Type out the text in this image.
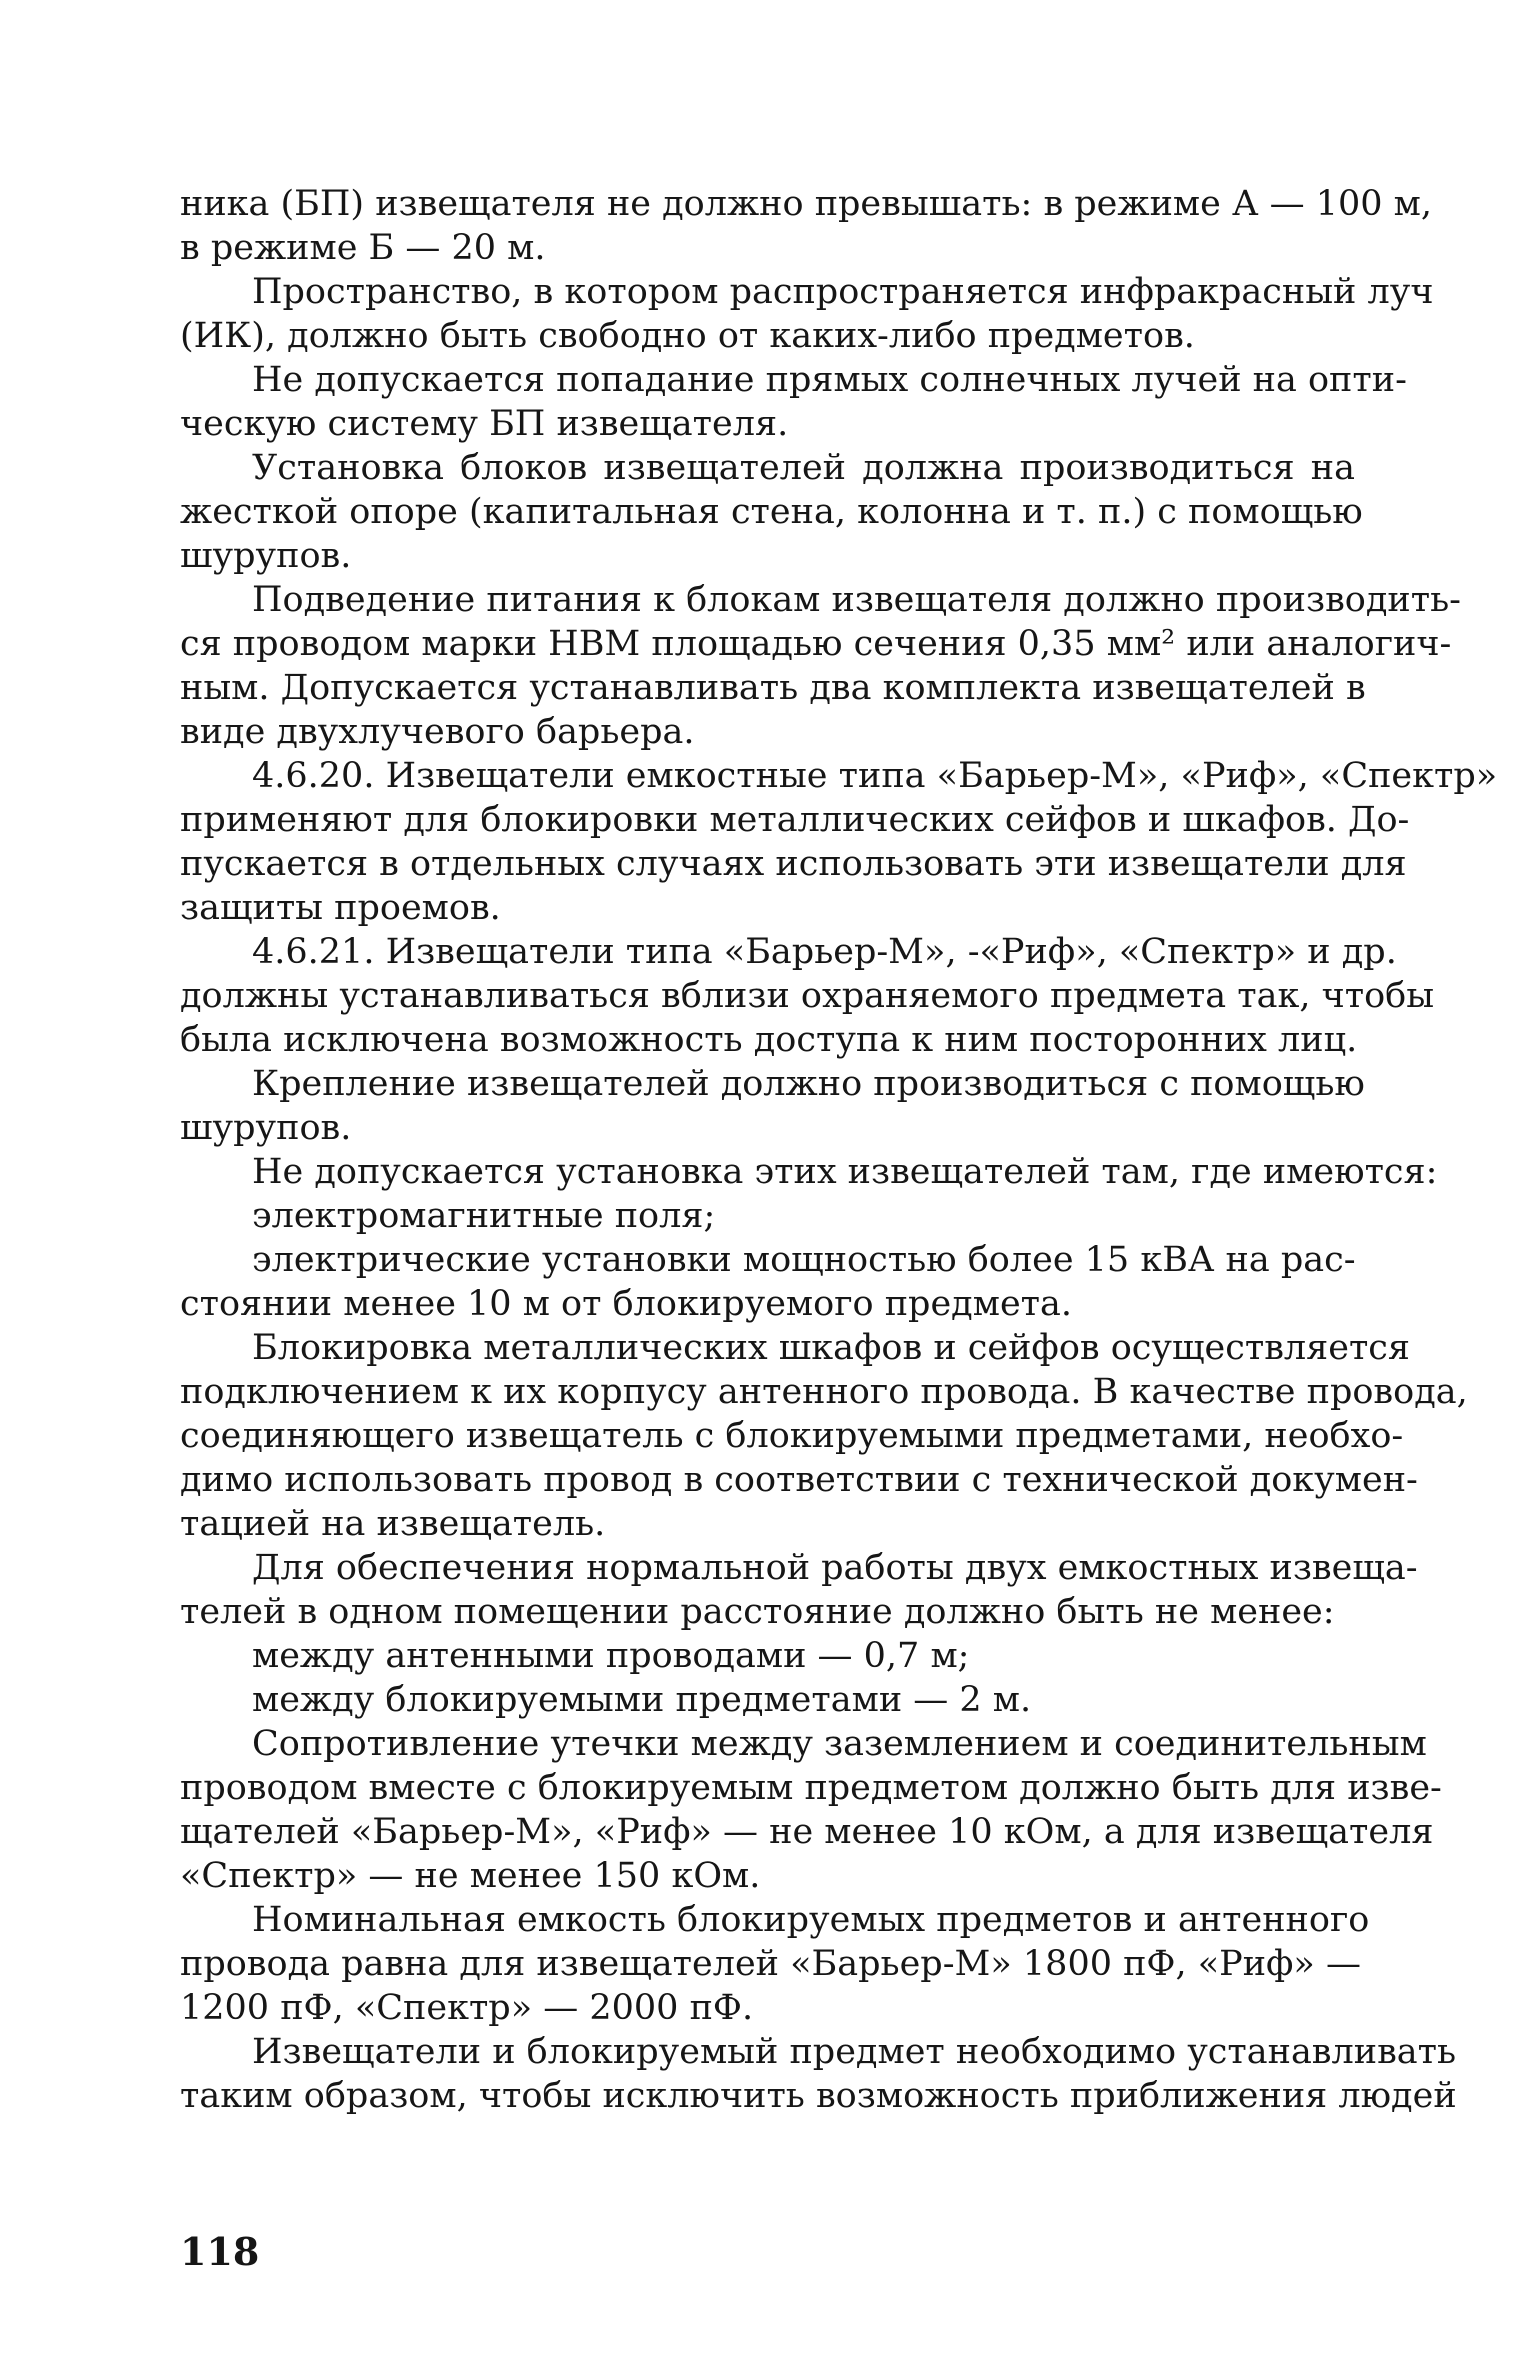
ника (БП) извещателя не должно превышать: в режиме А — 100 м,
в режиме Б — 20 м.
Пространство, в котором распространяется инфракрасный луч
(ИК), должно быть свободно от каких-либо предметов.
Не допускается попадание прямых солнечных лучей на опти-
ческую систему БП извещателя.
Установка блоков извещателей должна производиться на
жесткой опоре (капитальная стена, колонна и т. п.) с помощью
шурупов.
Подведение питания к блокам извещателя должно производить-
ся проводом марки НВМ площадью сечения 0,35 мм² или аналогич-
ным. Допускается устанавливать два комплекта извещателей в
виде двухлучевого барьера.
4.6.20. Извещатели емкостные типа «Барьер-М», «Риф», «Спектр»
применяют для блокировки металлических сейфов и шкафов. До-
пускается в отдельных случаях использовать эти извещатели для
защиты проемов.
4.6.21. Извещатели типа «Барьер-М», -«Риф», «Спектр» и др.
должны устанавливаться вблизи охраняемого предмета так, чтобы
была исключена возможность доступа к ним посторонних лиц.
Крепление извещателей должно производиться с помощью
шурупов.
Не допускается установка этих извещателей там, где имеются:
электромагнитные поля;
электрические установки мощностью более 15 кВА на рас-
стоянии менее 10 м от блокируемого предмета.
Блокировка металлических шкафов и сейфов осуществляется
подключением к их корпусу антенного провода. В качестве провода,
соединяющего извещатель с блокируемыми предметами, необхо-
димо использовать провод в соответствии с технической докумен-
тацией на извещатель.
Для обеспечения нормальной работы двух емкостных извеща-
телей в одном помещении расстояние должно быть не менее:
между антенными проводами — 0,7 м;
между блокируемыми предметами — 2 м.
Сопротивление утечки между заземлением и соединительным
проводом вместе с блокируемым предметом должно быть для изве-
щателей «Барьер-М», «Риф» — не менее 10 кОм, а для извещателя
«Спектр» — не менее 150 кОм.
Номинальная емкость блокируемых предметов и антенного
провода равна для извещателей «Барьер-М» 1800 пФ, «Риф» —
1200 пФ, «Спектр» — 2000 пФ.
Извещатели и блокируемый предмет необходимо устанавливать
таким образом, чтобы исключить возможность приближения людей
118
